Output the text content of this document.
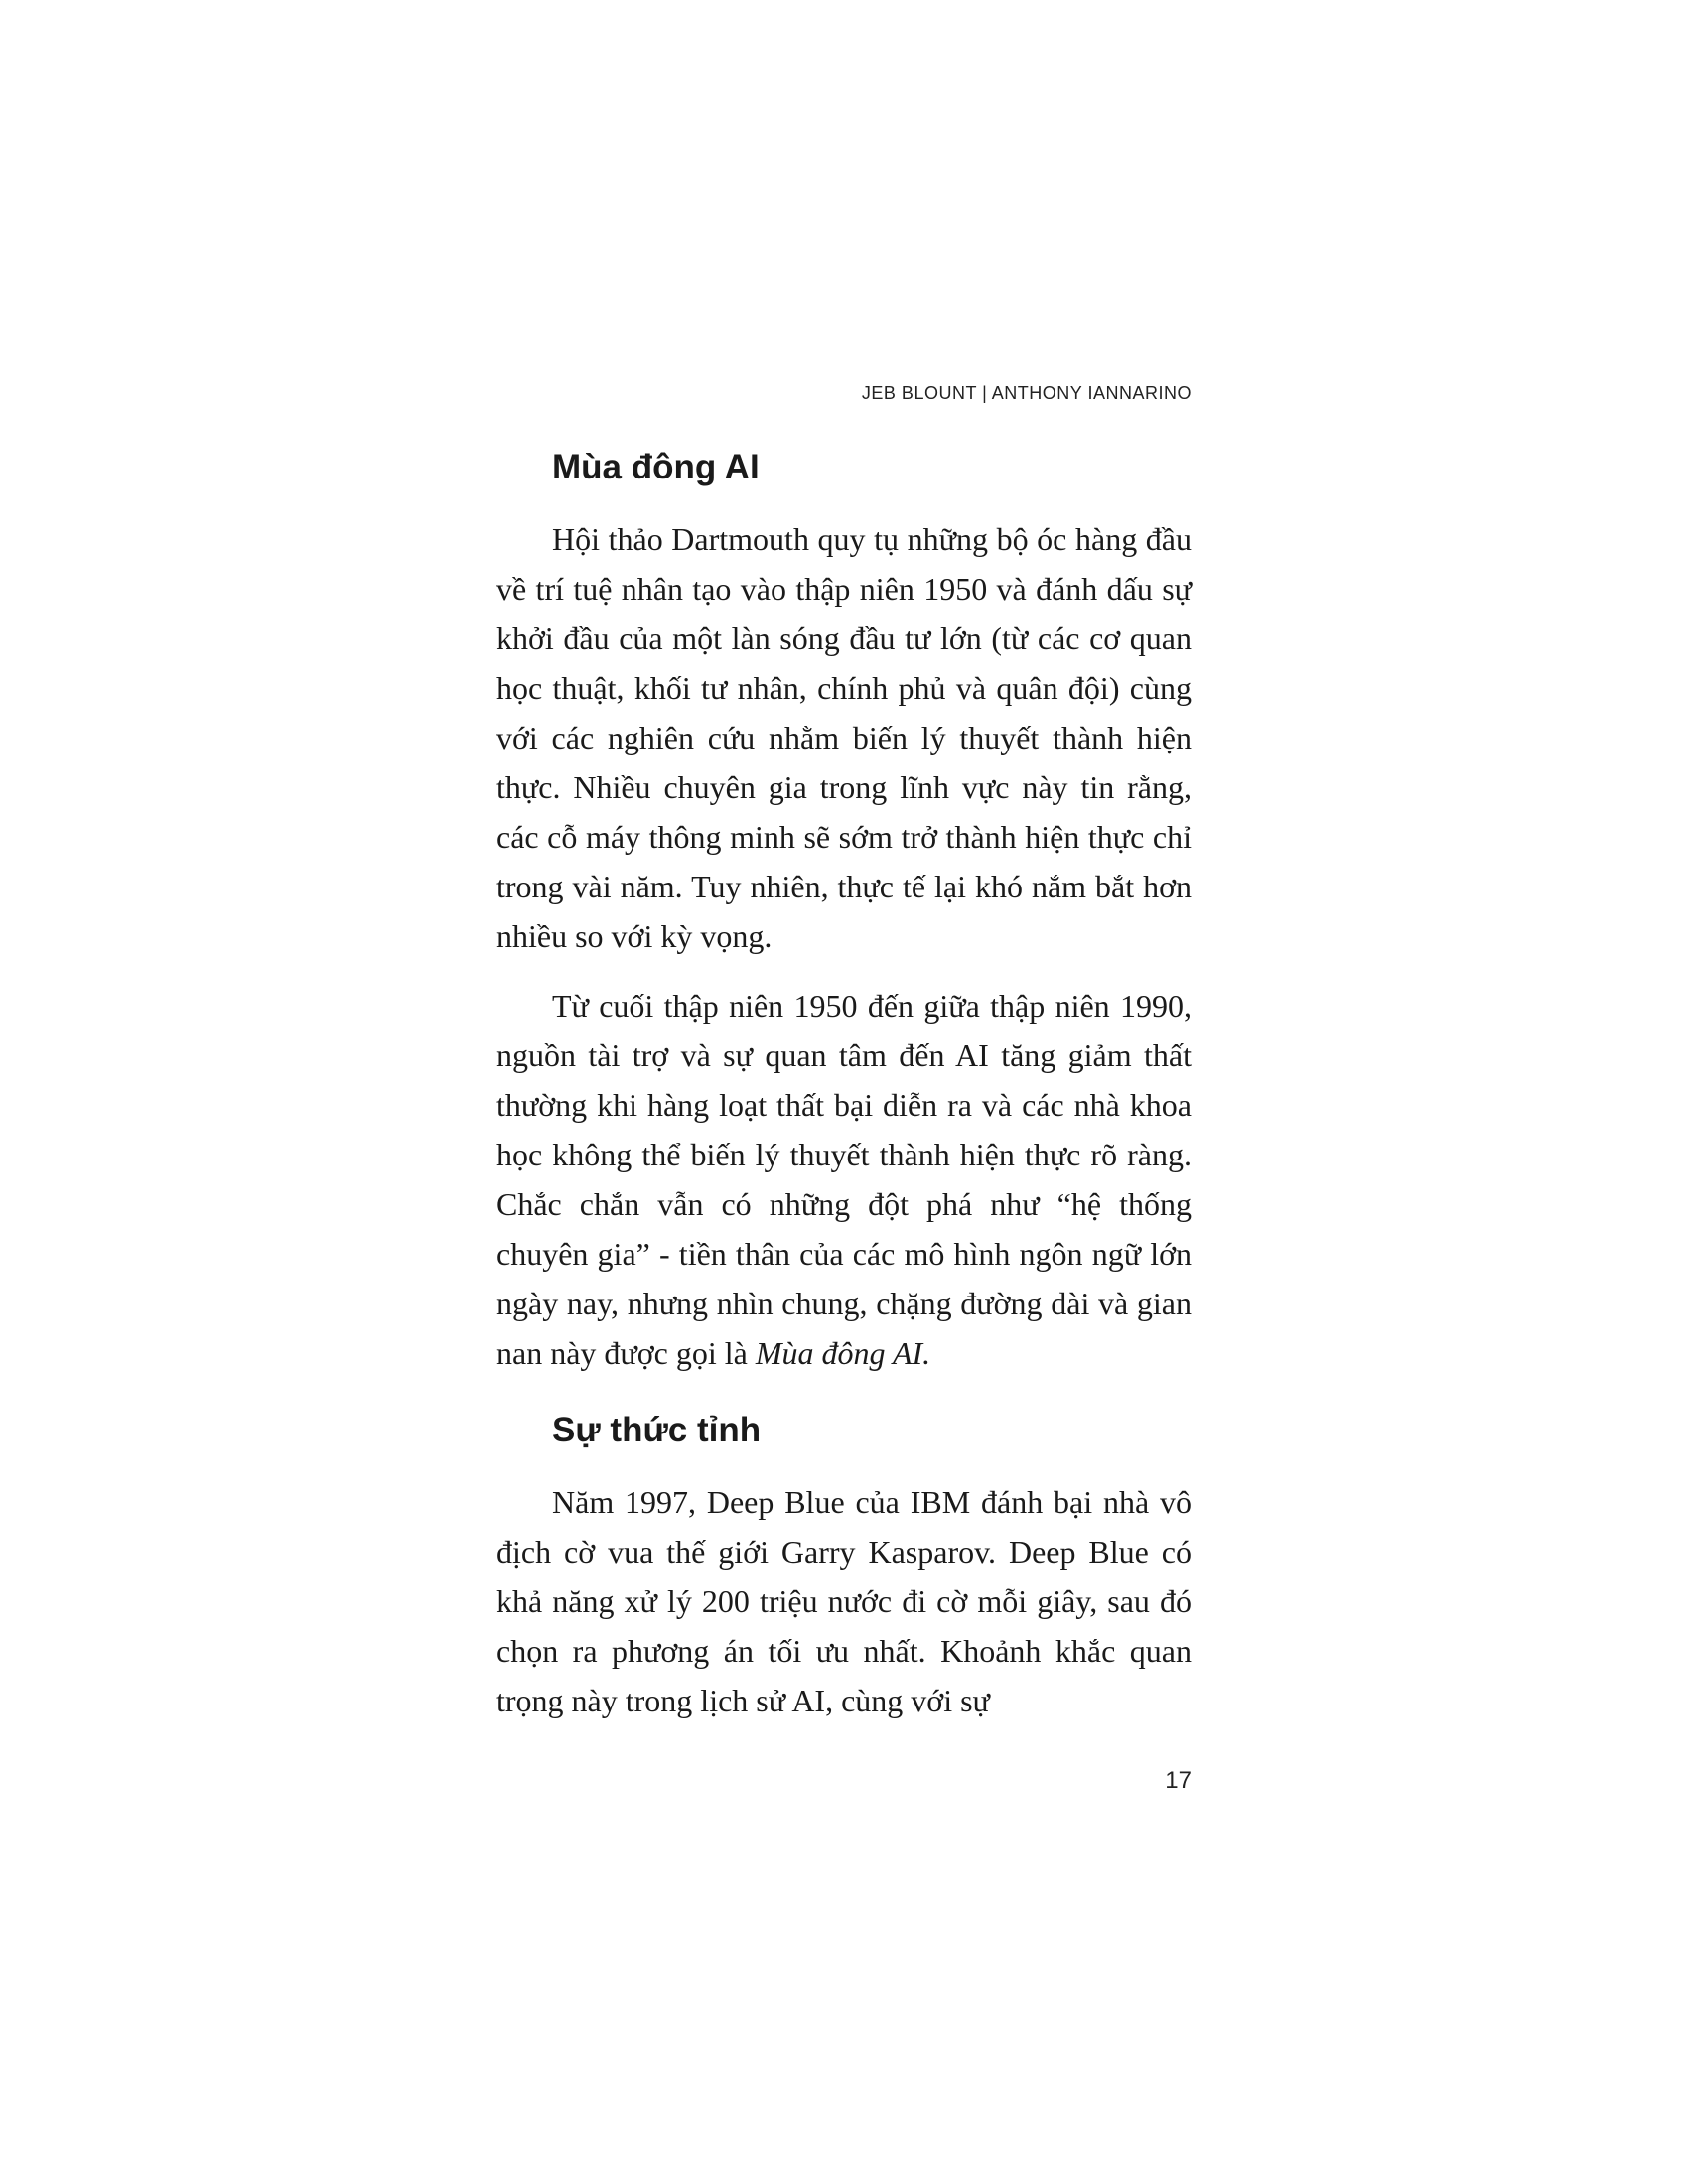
JEB BLOUNT | ANTHONY IANNARINO
Mùa đông AI

Hội thảo Dartmouth quy tụ những bộ óc hàng đầu về trí tuệ nhân tạo vào thập niên 1950 và đánh dấu sự khởi đầu của một làn sóng đầu tư lớn (từ các cơ quan học thuật, khối tư nhân, chính phủ và quân đội) cùng với các nghiên cứu nhằm biến lý thuyết thành hiện thực. Nhiều chuyên gia trong lĩnh vực này tin rằng, các cỗ máy thông minh sẽ sớm trở thành hiện thực chỉ trong vài năm. Tuy nhiên, thực tế lại khó nắm bắt hơn nhiều so với kỳ vọng.

Từ cuối thập niên 1950 đến giữa thập niên 1990, nguồn tài trợ và sự quan tâm đến AI tăng giảm thất thường khi hàng loạt thất bại diễn ra và các nhà khoa học không thể biến lý thuyết thành hiện thực rõ ràng. Chắc chắn vẫn có những đột phá như “hệ thống chuyên gia” - tiền thân của các mô hình ngôn ngữ lớn ngày nay, nhưng nhìn chung, chặng đường dài và gian nan này được gọi là Mùa đông AI.

Sự thức tỉnh

Năm 1997, Deep Blue của IBM đánh bại nhà vô địch cờ vua thế giới Garry Kasparov. Deep Blue có khả năng xử lý 200 triệu nước đi cờ mỗi giây, sau đó chọn ra phương án tối ưu nhất. Khoảnh khắc quan trọng này trong lịch sử AI, cùng với sự

17
